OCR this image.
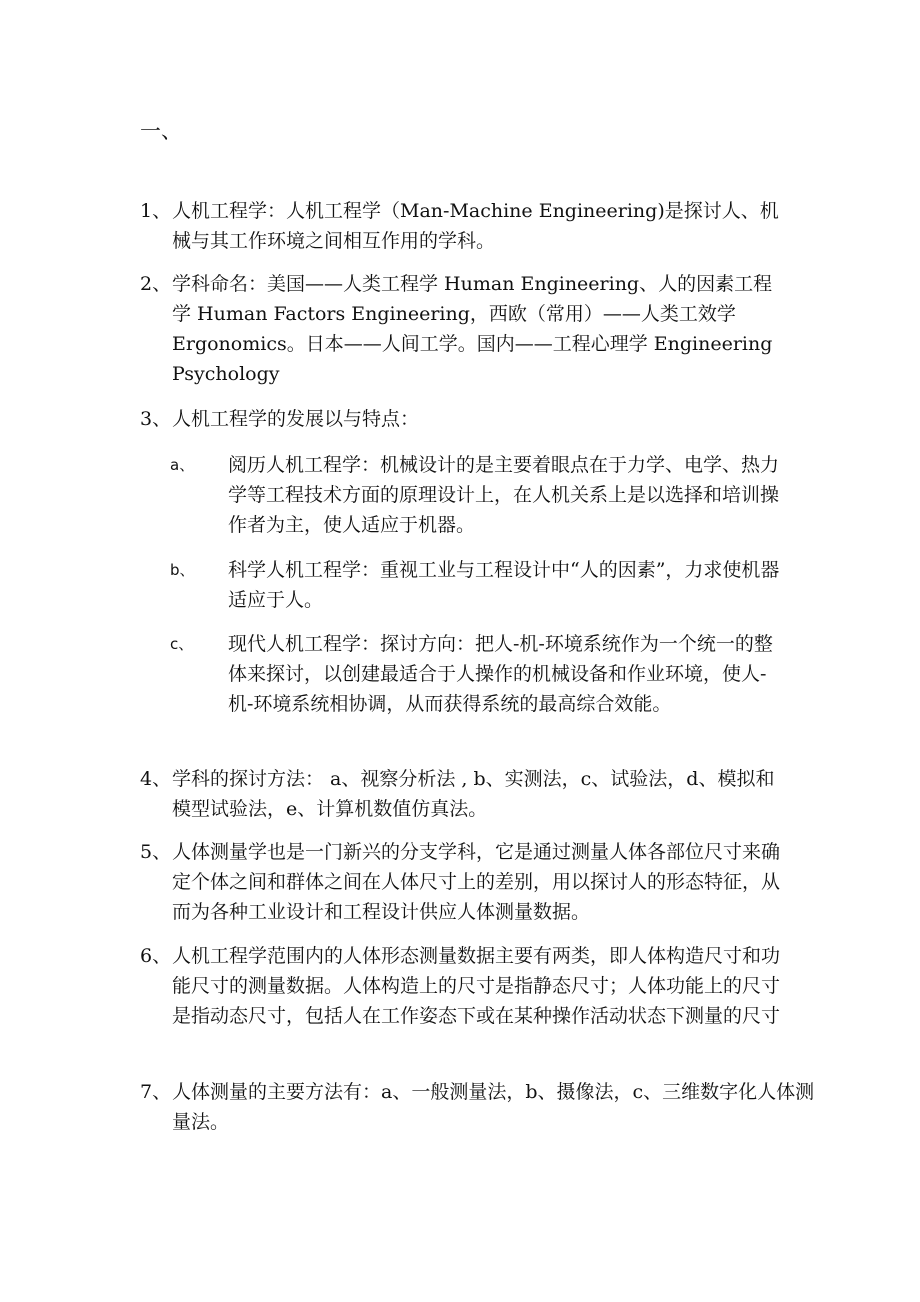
一、
1、 人机工程学：人机工程学（Man-Machine Engineering)是探讨人、机械与其工作环境之间相互作用的学科。
2、 学科命名：美国——人类工程学 Human Engineering、人的因素工程学 Human Factors Engineering，西欧（常用）——人类工效学 Ergonomics。日本——人间工学。国内——工程心理学 Engineering Psychology
3、 人机工程学的发展以与特点：
a、 阅历人机工程学：机械设计的是主要着眼点在于力学、电学、热力学等工程技术方面的原理设计上，在人机关系上是以选择和培训操作者为主，使人适应于机器。
b、 科学人机工程学：重视工业与工程设计中“人的因素”，力求使机器适应于人。
c、 现代人机工程学：探讨方向：把人-机-环境系统作为一个统一的整体来探讨，以创建最适合于人操作的机械设备和作业环境，使人-机-环境系统相协调，从而获得系统的最高综合效能。
4、 学科的探讨方法： a、视察分析法 , b、实测法，c、试验法，d、模拟和模型试验法，e、计算机数值仿真法。
5、 人体测量学也是一门新兴的分支学科，它是通过测量人体各部位尺寸来确定个体之间和群体之间在人体尺寸上的差别，用以探讨人的形态特征，从而为各种工业设计和工程设计供应人体测量数据。
6、 人机工程学范围内的人体形态测量数据主要有两类，即人体构造尺寸和功能尺寸的测量数据。人体构造上的尺寸是指静态尺寸；人体功能上的尺寸是指动态尺寸，包括人在工作姿态下或在某种操作活动状态下测量的尺寸
7、 人体测量的主要方法有：a、一般测量法，b、摄像法，c、三维数字化人体测量法。
